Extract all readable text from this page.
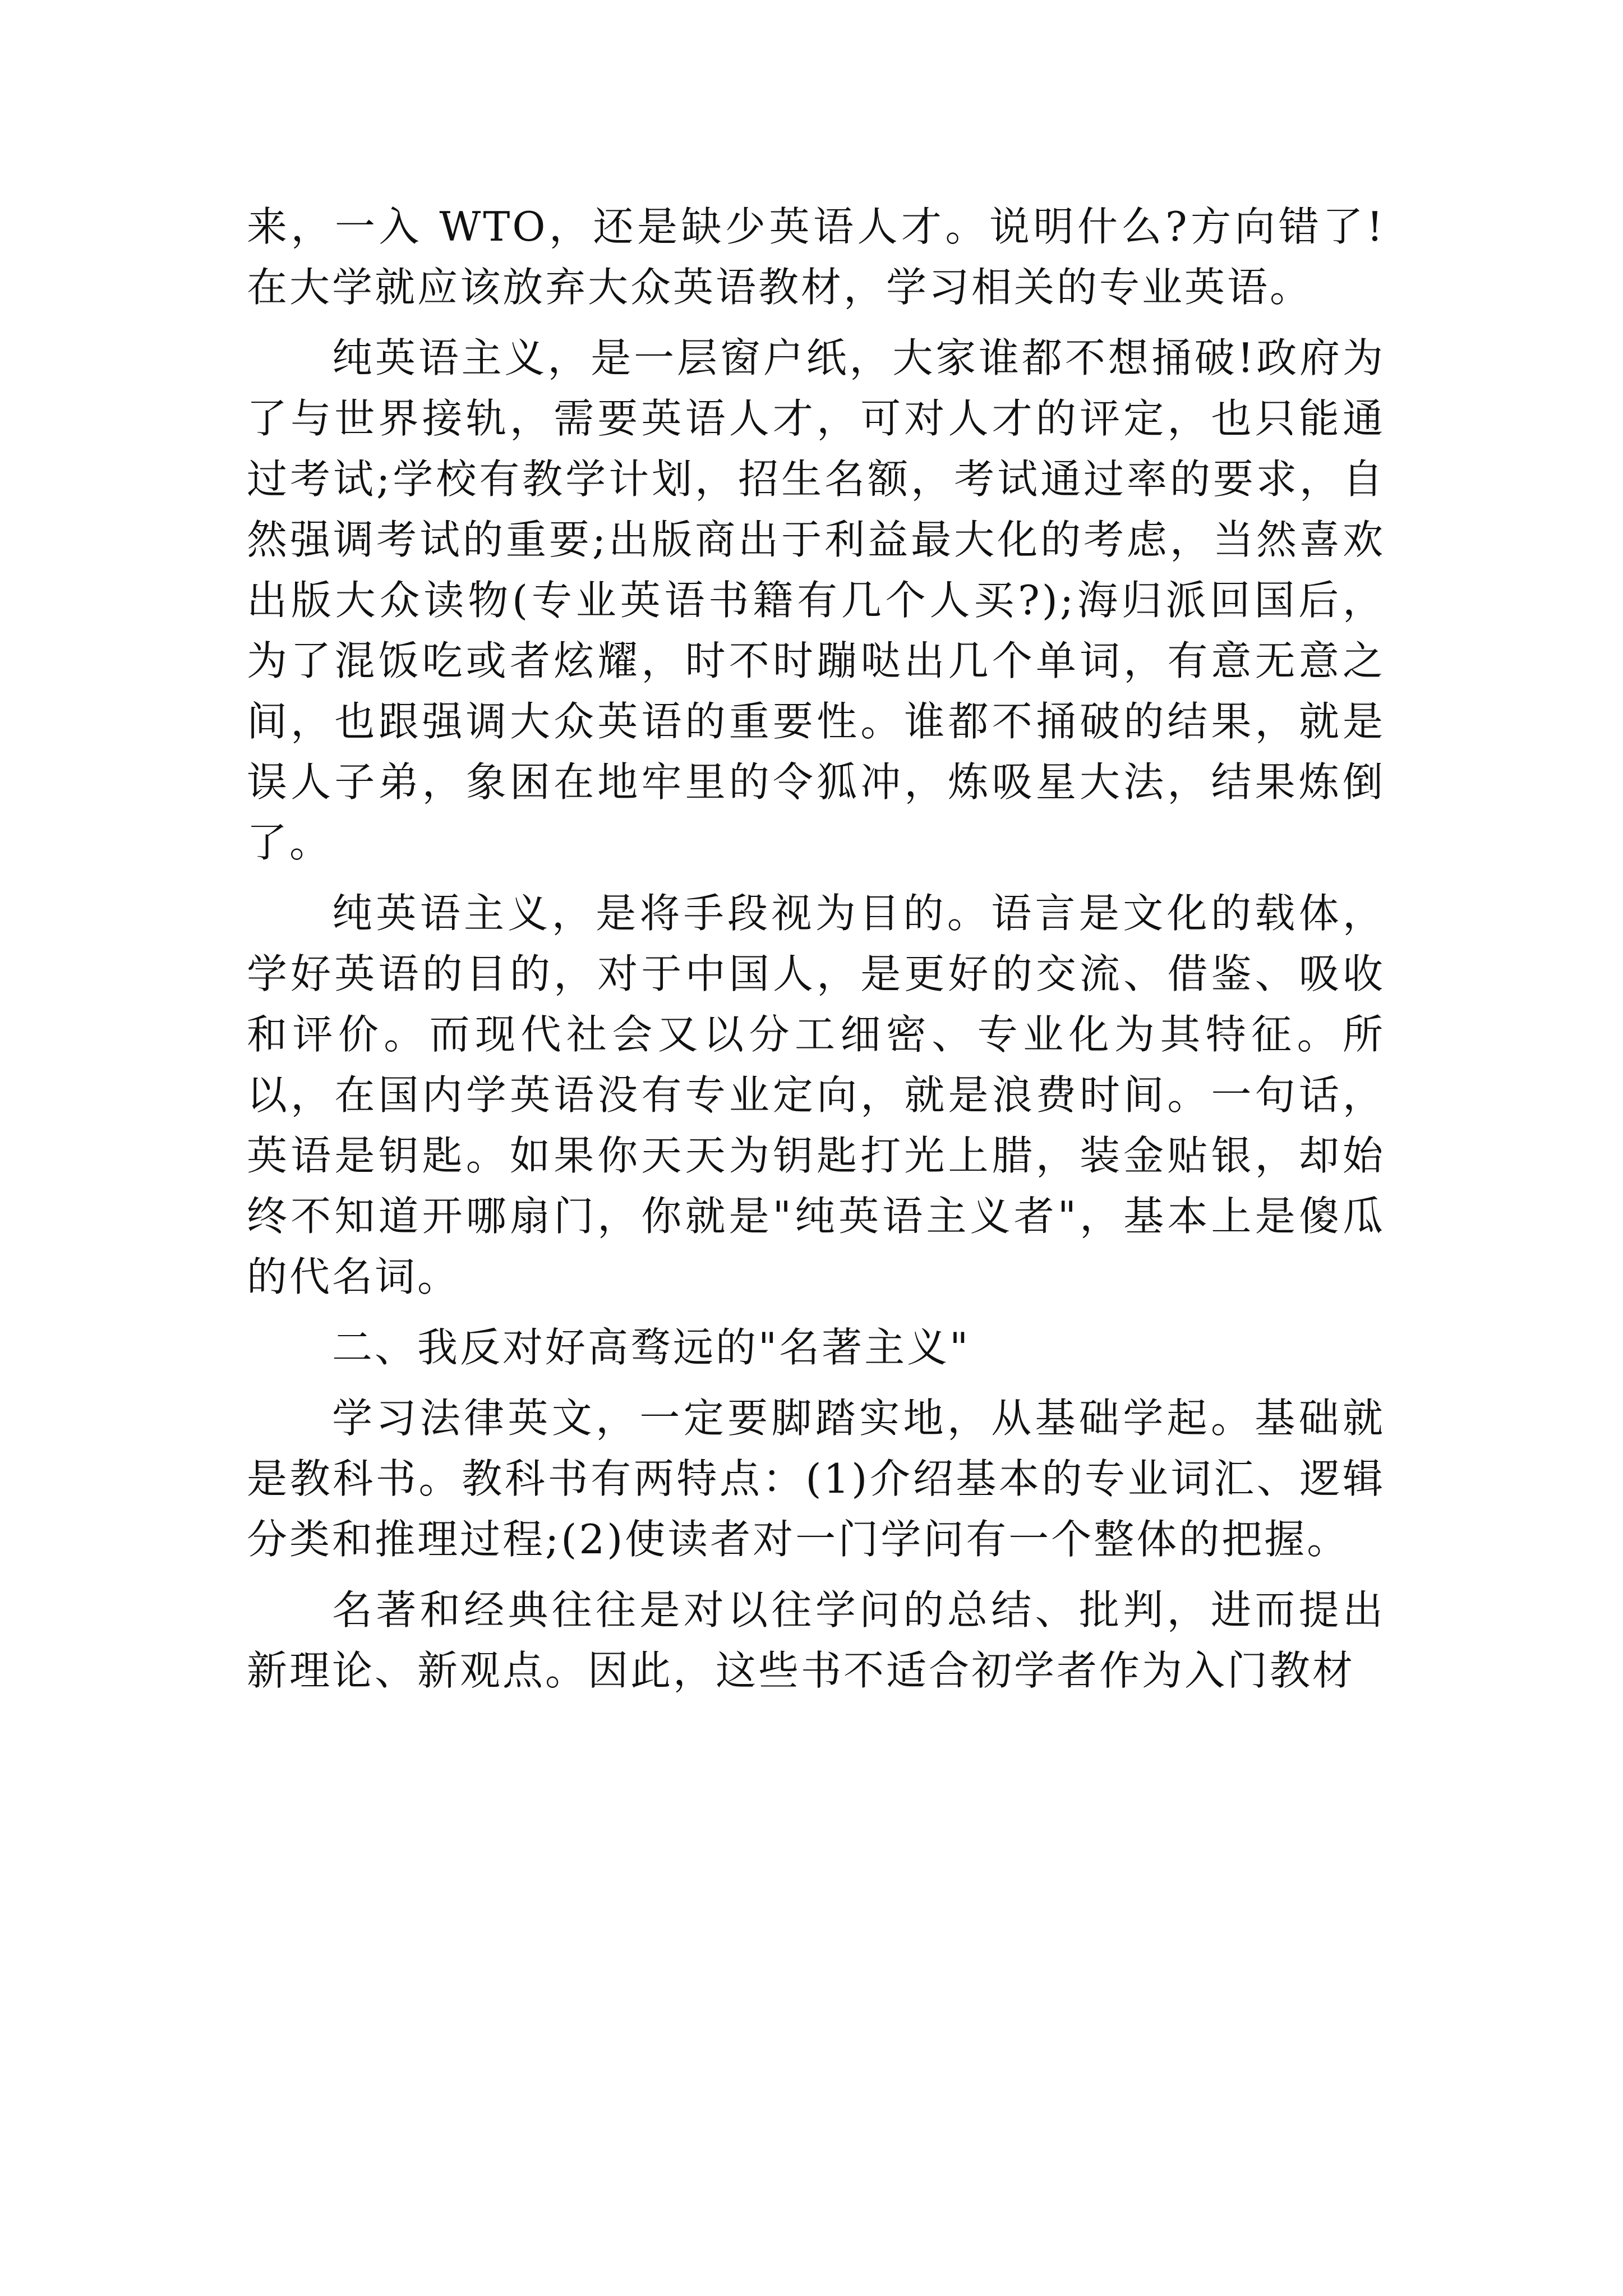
来，一入 WTO，还是缺少英语人才。说明什么?方向错了!在大学就应该放弃大众英语教材，学习相关的专业英语。

纯英语主义，是一层窗户纸，大家谁都不想捅破!政府为了与世界接轨，需要英语人才，可对人才的评定，也只能通过考试;学校有教学计划，招生名额，考试通过率的要求，自然强调考试的重要;出版商出于利益最大化的考虑，当然喜欢出版大众读物(专业英语书籍有几个人买?);海归派回国后，为了混饭吃或者炫耀，时不时蹦哒出几个单词，有意无意之间，也跟强调大众英语的重要性。谁都不捅破的结果，就是误人子弟，象困在地牢里的令狐冲，炼吸星大法，结果炼倒了。

纯英语主义，是将手段视为目的。语言是文化的载体，学好英语的目的，对于中国人，是更好的交流、借鉴、吸收和评价。而现代社会又以分工细密、专业化为其特征。所以，在国内学英语没有专业定向，就是浪费时间。一句话，英语是钥匙。如果你天天为钥匙打光上腊，装金贴银，却始终不知道开哪扇门，你就是"纯英语主义者"，基本上是傻瓜的代名词。

二、我反对好高骛远的"名著主义"

学习法律英文，一定要脚踏实地，从基础学起。基础就是教科书。教科书有两特点：(1)介绍基本的专业词汇、逻辑分类和推理过程;(2)使读者对一门学问有一个整体的把握。

名著和经典往往是对以往学问的总结、批判，进而提出新理论、新观点。因此，这些书不适合初学者作为入门教材
